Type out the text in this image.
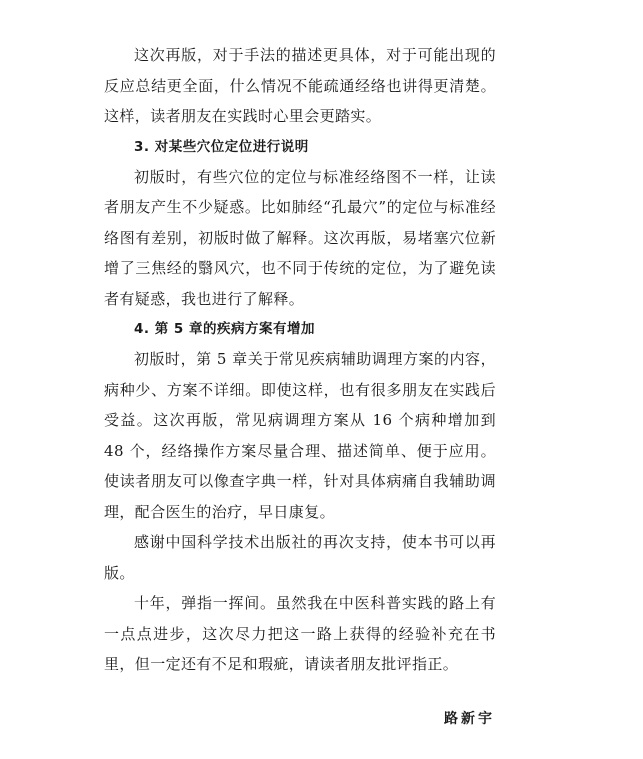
这次再版，对于手法的描述更具体，对于可能出现的反应总结更全面，什么情况不能疏通经络也讲得更清楚。这样，读者朋友在实践时心里会更踏实。

3. 对某些穴位定位进行说明

初版时，有些穴位的定位与标准经络图不一样，让读者朋友产生不少疑惑。比如肺经“孔最穴”的定位与标准经络图有差别，初版时做了解释。这次再版，易堵塞穴位新增了三焦经的翳风穴，也不同于传统的定位，为了避免读者有疑惑，我也进行了解释。

4. 第 5 章的疾病方案有增加

初版时，第 5 章关于常见疾病辅助调理方案的内容，病种少、方案不详细。即使这样，也有很多朋友在实践后受益。这次再版，常见病调理方案从 16 个病种增加到 48 个，经络操作方案尽量合理、描述简单、便于应用。使读者朋友可以像查字典一样，针对具体病痛自我辅助调理，配合医生的治疗，早日康复。

感谢中国科学技术出版社的再次支持，使本书可以再版。

十年，弹指一挥间。虽然我在中医科普实践的路上有一点点进步，这次尽力把这一路上获得的经验补充在书里，但一定还有不足和瑕疵，请读者朋友批评指正。

路新宇
